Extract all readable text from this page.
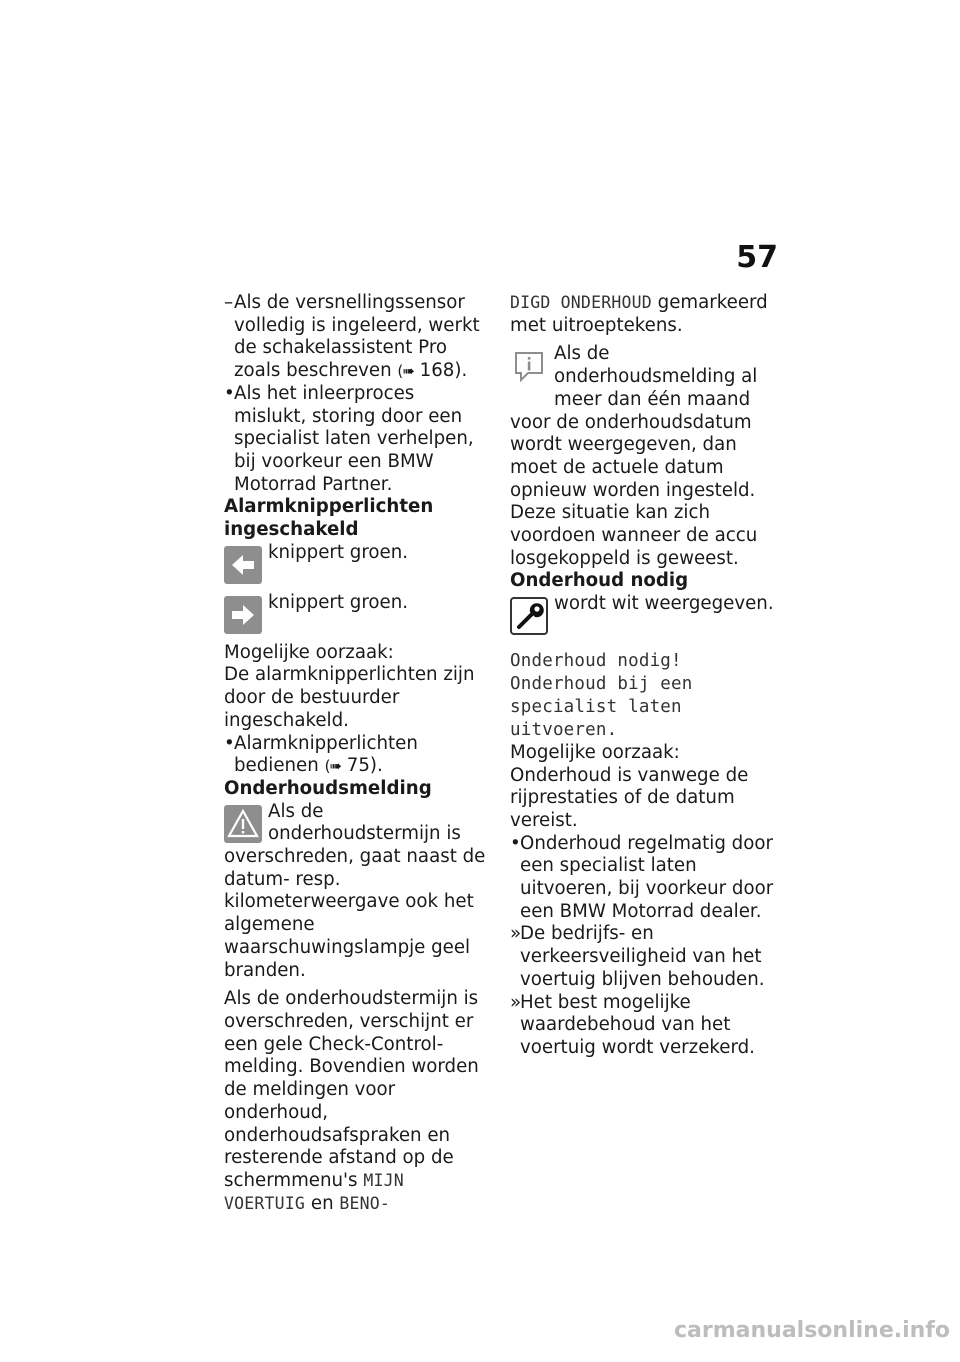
57
– Als de versnellingssensor volledig is ingeleerd, werkt de schakelassistent Pro zoals beschreven (➠ 168).
• Als het inleerproces mislukt, storing door een specialist laten verhelpen, bij voorkeur een BMW Motorrad Partner.

Alarmknipperlichten ingeschakeld

knippert groen.
knippert groen.

Mogelijke oorzaak:

De alarmknipperlichten zijn door de bestuurder ingeschakeld.

• Alarmknipperlichten bedienen (➠ 75).

Onderhoudsmelding

Als de onderhoudstermijn is overschreden, gaat naast de datum- resp. kilometerweergave ook het algemene waarschuwingslampje geel branden.

Als de onderhoudstermijn is overschreden, verschijnt er een gele Check-Control-melding. Bovendien worden de meldingen voor onderhoud, onderhoudsafspraken en resterende afstand op de schermmenu's MIJN VOERTUIG en BENO-

DIGD ONDERHOUD gemarkeerd met uitroeptekens.

Als de onderhoudsmelding al meer dan één maand voor de onderhoudsdatum wordt weergegeven, dan moet de actuele datum opnieuw worden ingesteld. Deze situatie kan zich voordoen wanneer de accu losgekoppeld is geweest.

Onderhoud nodig

wordt wit weergegeven.

Onderhoud nodig! Onderhoud bij een specialist laten uitvoeren.

Mogelijke oorzaak:

Onderhoud is vanwege de rijprestaties of de datum vereist.

• Onderhoud regelmatig door een specialist laten uitvoeren, bij voorkeur door een BMW Motorrad dealer.
»
De bedrijfs- en verkeersveiligheid van het voertuig blijven behouden.
»
Het best mogelijke waardebehoud van het voertuig wordt verzekerd.
carmanualsonline.info
